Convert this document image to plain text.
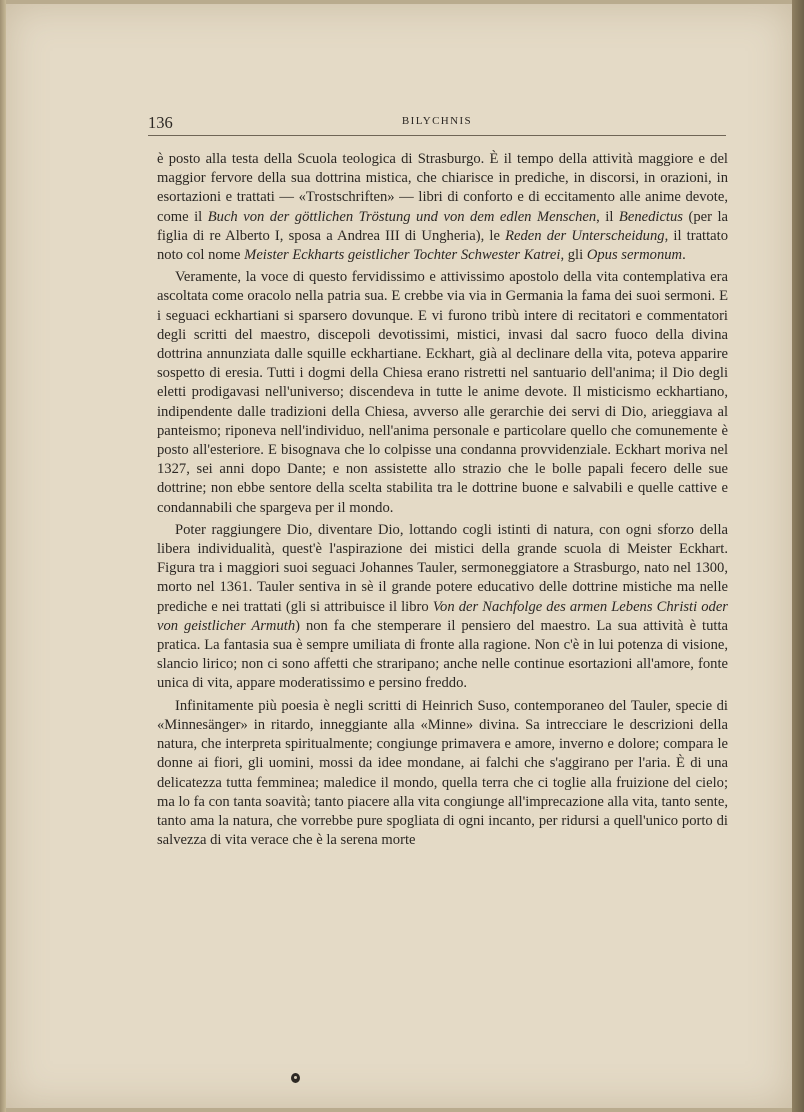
136	BILYCHNIS

è posto alla testa della Scuola teologica di Strasburgo. È il tempo della attività maggiore e del maggior fervore della sua dottrina mistica, che chiarisce in prediche, in discorsi, in orazioni, in esortazioni e trattati — «Trostschriften» — libri di conforto e di eccitamento alle anime devote, come il Buch von der göttlichen Tröstung und von dem edlen Menschen, il Benedictus (per la figlia di re Alberto I, sposa a Andrea III di Ungheria), le Reden der Unterscheidung, il trattato noto col nome Meister Eckharts geistlicher Tochter Schwester Katrei, gli Opus sermonum.

Veramente, la voce di questo fervidissimo e attivissimo apostolo della vita contemplativa era ascoltata come oracolo nella patria sua. E crebbe via via in Germania la fama dei suoi sermoni. E i seguaci eckhartiani si sparsero dovunque. E vi furono tribù intere di recitatori e commentatori degli scritti del maestro, discepoli devotissimi, mistici, invasi dal sacro fuoco della divina dottrina annunziata dalle squille eckhartiane. Eckhart, già al declinare della vita, poteva apparire sospetto di eresia. Tutti i dogmi della Chiesa erano ristretti nel santuario dell'anima; il Dio degli eletti prodigavasi nell'universo; discendeva in tutte le anime devote. Il misticismo eckhartiano, indipendente dalle tradizioni della Chiesa, avverso alle gerarchie dei servi di Dio, arieggiava al panteismo; riponeva nell'individuo, nell'anima personale e particolare quello che comunemente è posto all'esteriore. E bisognava che lo colpisse una condanna provvidenziale. Eckhart moriva nel 1327, sei anni dopo Dante; e non assistette allo strazio che le bolle papali fecero delle sue dottrine; non ebbe sentore della scelta stabilita tra le dottrine buone e salvabili e quelle cattive e condannabili che spargeva per il mondo.

Poter raggiungere Dio, diventare Dio, lottando cogli istinti di natura, con ogni sforzo della libera individualità, quest'è l'aspirazione dei mistici della grande scuola di Meister Eckhart. Figura tra i maggiori suoi seguaci Johannes Tauler, sermoneggiatore a Strasburgo, nato nel 1300, morto nel 1361. Tauler sentiva in sè il grande potere educativo delle dottrine mistiche ma nelle prediche e nei trattati (gli si attribuisce il libro Von der Nachfolge des armen Lebens Christi oder von geistlicher Armuth) non fa che stemperare il pensiero del maestro. La sua attività è tutta pratica. La fantasia sua è sempre umiliata di fronte alla ragione. Non c'è in lui potenza di visione, slancio lirico; non ci sono affetti che straripano; anche nelle continue esortazioni all'amore, fonte unica di vita, appare moderatissimo e persino freddo.

Infinitamente più poesia è negli scritti di Heinrich Suso, contemporaneo del Tauler, specie di «Minnesänger» in ritardo, inneggiante alla «Minne» divina. Sa intrecciare le descrizioni della natura, che interpreta spiritualmente; congiunge primavera e amore, inverno e dolore; compara le donne ai fiori, gli uomini, mossi da idee mondane, ai falchi che s'aggirano per l'aria. È di una delicatezza tutta femminea; maledice il mondo, quella terra che ci toglie alla fruizione del cielo; ma lo fa con tanta soavità; tanto piacere alla vita congiunge all'imprecazione alla vita, tanto sente, tanto ama la natura, che vorrebbe pure spogliata di ogni incanto, per ridursi a quell'unico porto di salvezza di vita verace che è la serena morte
